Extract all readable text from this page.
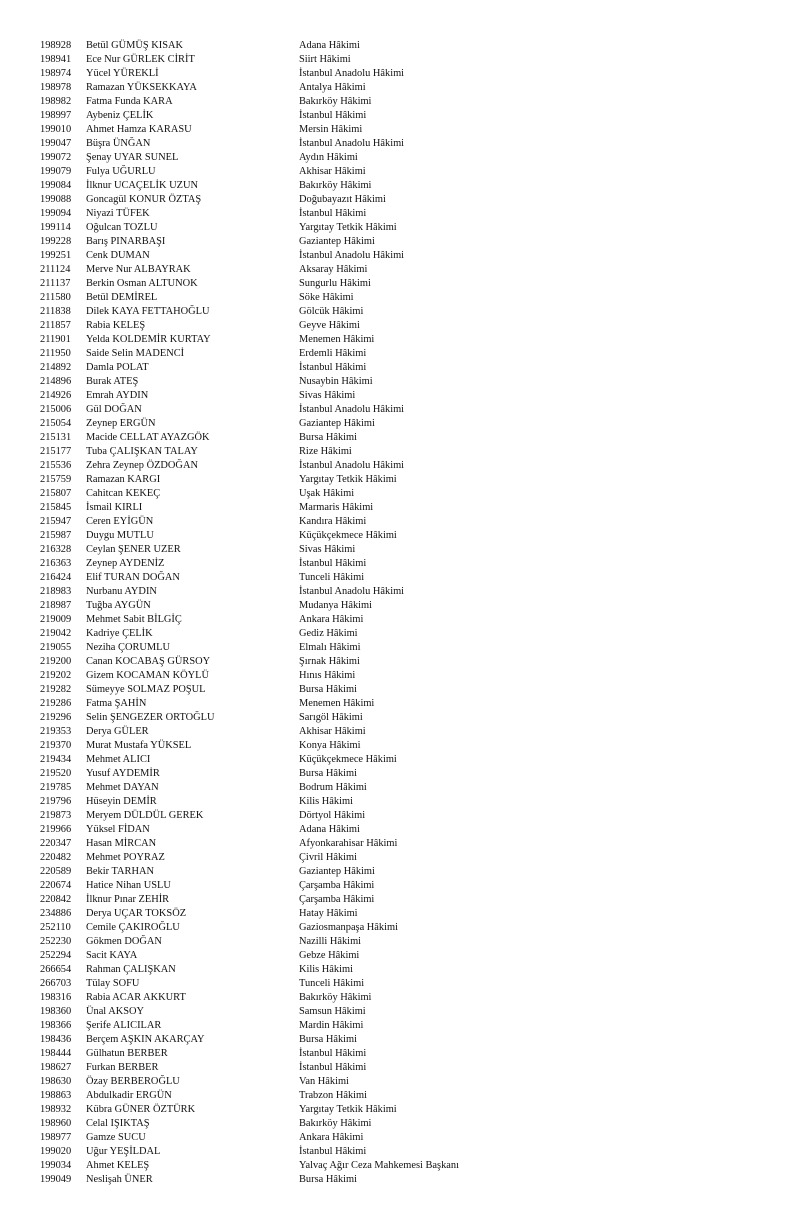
198928 Betül GÜMÜŞ KISAK	Adana Hâkimi
198941 Ece Nur GÜRLEK CİRİT	Siirt Hâkimi
198974 Yücel YÜREKLİ	İstanbul Anadolu Hâkimi
198978 Ramazan YÜKSEKKAYA	Antalya Hâkimi
198982 Fatma Funda KARA	Bakırköy Hâkimi
198997 Aybeniz ÇELİK	İstanbul Hâkimi
199010 Ahmet Hamza KARASU	Mersin Hâkimi
199047 Büşra ÜNĞAN	İstanbul Anadolu Hâkimi
199072 Şenay UYAR SUNEL	Aydın Hâkimi
199079 Fulya UĞURLU	Akhisar Hâkimi
199084 İlknur UCAÇELİK UZUN	Bakırköy Hâkimi
199088 Goncagül KONUR ÖZTAŞ	Doğubayazıt Hâkimi
199094 Niyazi TÜFEK	İstanbul Hâkimi
199114 Oğulcan TOZLU	Yargıtay Tetkik Hâkimi
199228 Barış PINARBAŞI	Gaziantep Hâkimi
199251 Cenk DUMAN	İstanbul Anadolu Hâkimi
211124 Merve Nur ALBAYRAK	Aksaray Hâkimi
211137 Berkin Osman ALTUNOK	Sungurlu Hâkimi
211580 Betül DEMİREL	Söke Hâkimi
211838 Dilek KAYA FETTAHOĞLU	Gölcük Hâkimi
211857 Rabia KELEŞ	Geyve Hâkimi
211901 Yelda KOLDEMİR KURTAY	Menemen Hâkimi
211950 Saide Selin MADENCİ	Erdemli Hâkimi
214892 Damla POLAT	İstanbul Hâkimi
214896 Burak ATEŞ	Nusaybin Hâkimi
214926 Emrah AYDIN	Sivas Hâkimi
215006 Gül DOĞAN	İstanbul Anadolu Hâkimi
215054 Zeynep ERGÜN	Gaziantep Hâkimi
215131 Macide CELLAT AYAZGÖK	Bursa Hâkimi
215177 Tuba ÇALIŞKAN TALAY	Rize Hâkimi
215536 Zehra Zeynep ÖZDOĞAN	İstanbul Anadolu Hâkimi
215759 Ramazan KARGI	Yargıtay Tetkik Hâkimi
215807 Cahitcan KEKEÇ	Uşak Hâkimi
215845 İsmail KIRLI	Marmaris Hâkimi
215947 Ceren EYİGÜN	Kandıra Hâkimi
215987 Duygu MUTLU	Küçükçekmece Hâkimi
216328 Ceylan ŞENER UZER	Sivas Hâkimi
216363 Zeynep AYDENİZ	İstanbul Hâkimi
216424 Elif TURAN DOĞAN	Tunceli Hâkimi
218983 Nurbanu AYDIN	İstanbul Anadolu Hâkimi
218987 Tuğba AYGÜN	Mudanya Hâkimi
219009 Mehmet Sabit BİLGİÇ	Ankara Hâkimi
219042 Kadriye ÇELİK	Gediz Hâkimi
219055 Neziha ÇORUMLU	Elmalı Hâkimi
219200 Canan KOCABAŞ GÜRSOY	Şırnak Hâkimi
219202 Gizem KOCAMAN KÖYLÜ	Hınıs Hâkimi
219282 Sümeyye SOLMAZ POŞUL	Bursa Hâkimi
219286 Fatma ŞAHİN	Menemen Hâkimi
219296 Selin ŞENGEZER ORTOĞLU	Sarıgöl Hâkimi
219353 Derya GÜLER	Akhisar Hâkimi
219370 Murat Mustafa YÜKSEL	Konya Hâkimi
219434 Mehmet ALICI	Küçükçekmece Hâkimi
219520 Yusuf AYDEMİR	Bursa Hâkimi
219785 Mehmet DAYAN	Bodrum Hâkimi
219796 Hüseyin DEMİR	Kilis Hâkimi
219873 Meryem DÜLDÜL GEREK	Dörtyol Hâkimi
219966 Yüksel FİDAN	Adana Hâkimi
220347 Hasan MİRCAN	Afyonkarahisar Hâkimi
220482 Mehmet POYRAZ	Çivril Hâkimi
220589 Bekir TARHAN	Gaziantep Hâkimi
220674 Hatice Nihan USLU	Çarşamba Hâkimi
220842 İlknur Pınar ZEHİR	Çarşamba Hâkimi
234886 Derya UÇAR TOKSÖZ	Hatay Hâkimi
252110 Cemile ÇAKIROĞLU	Gaziosmanpaşa Hâkimi
252230 Gökmen DOĞAN	Nazilli Hâkimi
252294 Sacit KAYA	Gebze Hâkimi
266654 Rahman ÇALIŞKAN	Kilis Hâkimi
266703 Tülay SOFU	Tunceli Hâkimi
198316 Rabia ACAR AKKURT	Bakırköy Hâkimi
198360 Ünal AKSOY	Samsun Hâkimi
198366 Şerife ALICILAR	Mardin Hâkimi
198436 Berçem AŞKIN AKARÇAY	Bursa Hâkimi
198444 Gülhatun BERBER	İstanbul Hâkimi
198627 Furkan BERBER	İstanbul Hâkimi
198630 Özay BERBEROĞLU	Van Hâkimi
198863 Abdulkadir ERGÜN	Trabzon Hâkimi
198932 Kübra GÜNER ÖZTÜRK	Yargıtay Tetkik Hâkimi
198960 Celal IŞIKTAŞ	Bakırköy Hâkimi
198977 Gamze SUCU	Ankara Hâkimi
199020 Uğur YEŞİLDAL	İstanbul Hâkimi
199034 Ahmet KELEŞ	Yalvaç Ağır Ceza Mahkemesi Başkanı
199049 Neslişah ÜNER	Bursa Hâkimi
